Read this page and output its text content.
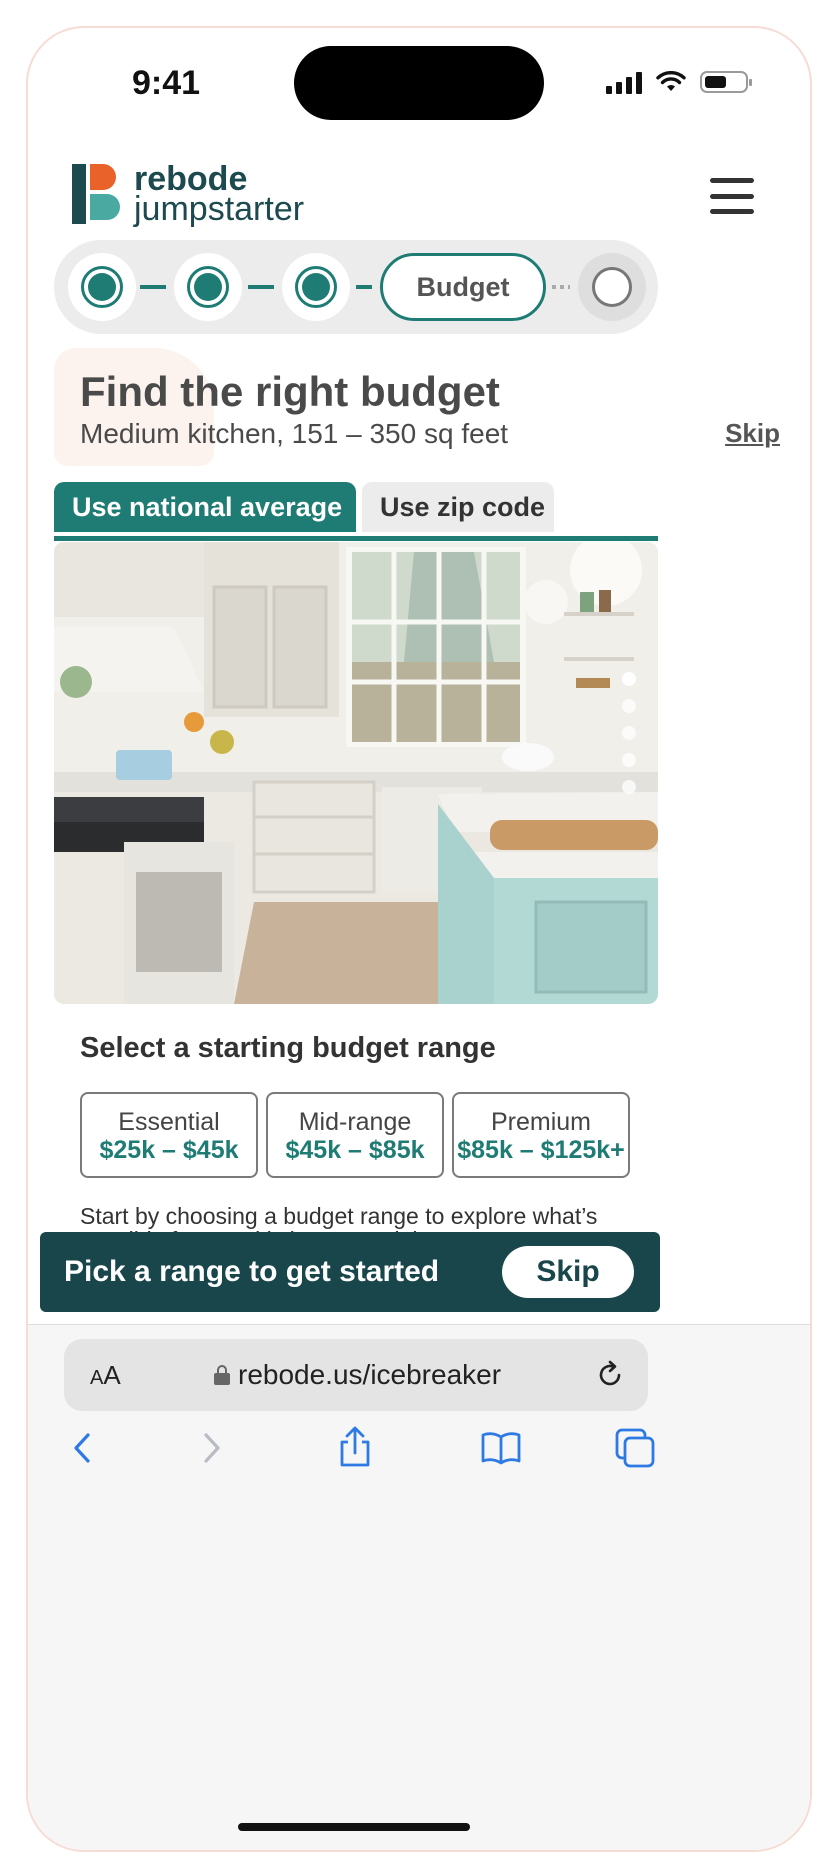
9:41
rebode
jumpstarter
Budget
Find the right budget
Medium kitchen, 151 – 350 sq feet	Skip
Use national average	Use zip code
Select a starting budget range
Essential
$25k – $45k
Mid-range
$45k – $85k
Premium
$85k – $125k+
Start by choosing a budget range to explore what’s
Pick a range to get started	Skip
AA	rebode.us/icebreaker
